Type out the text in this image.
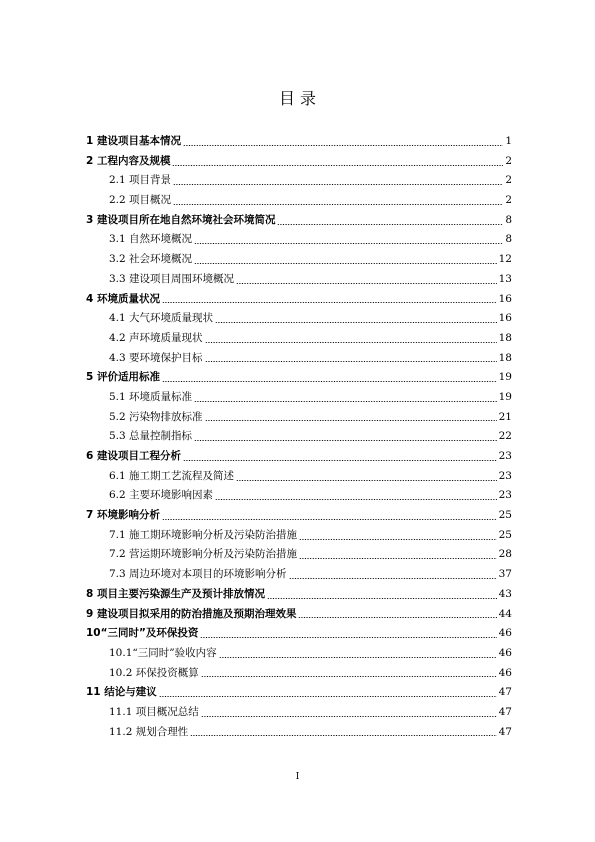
目 录
1 建设项目基本情况	1
2 工程内容及规模	2
2.1 项目背景	2
2.2 项目概况	2
3 建设项目所在地自然环境社会环境简况	8
3.1 自然环境概况	8
3.2 社会环境概况	12
3.3 建设项目周围环境概况	13
4 环境质量状况	16
4.1 大气环境质量现状	16
4.2 声环境质量现状	18
4.3 要环境保护目标	18
5 评价适用标准	19
5.1 环境质量标准	19
5.2 污染物排放标准	21
5.3 总量控制指标	22
6 建设项目工程分析	23
6.1 施工期工艺流程及简述	23
6.2 主要环境影响因素	23
7 环境影响分析	25
7.1 施工期环境影响分析及污染防治措施	25
7.2 营运期环境影响分析及污染防治措施	28
7.3 周边环境对本项目的环境影响分析	37
8 项目主要污染源生产及预计排放情况	43
9 建设项目拟采用的防治措施及预期治理效果	44
10“三同时”及环保投资	46
10.1“三同时”验收内容	46
10.2 环保投资概算	46
11 结论与建议	47
11.1 项目概况总结	47
11.2 规划合理性	47
I
